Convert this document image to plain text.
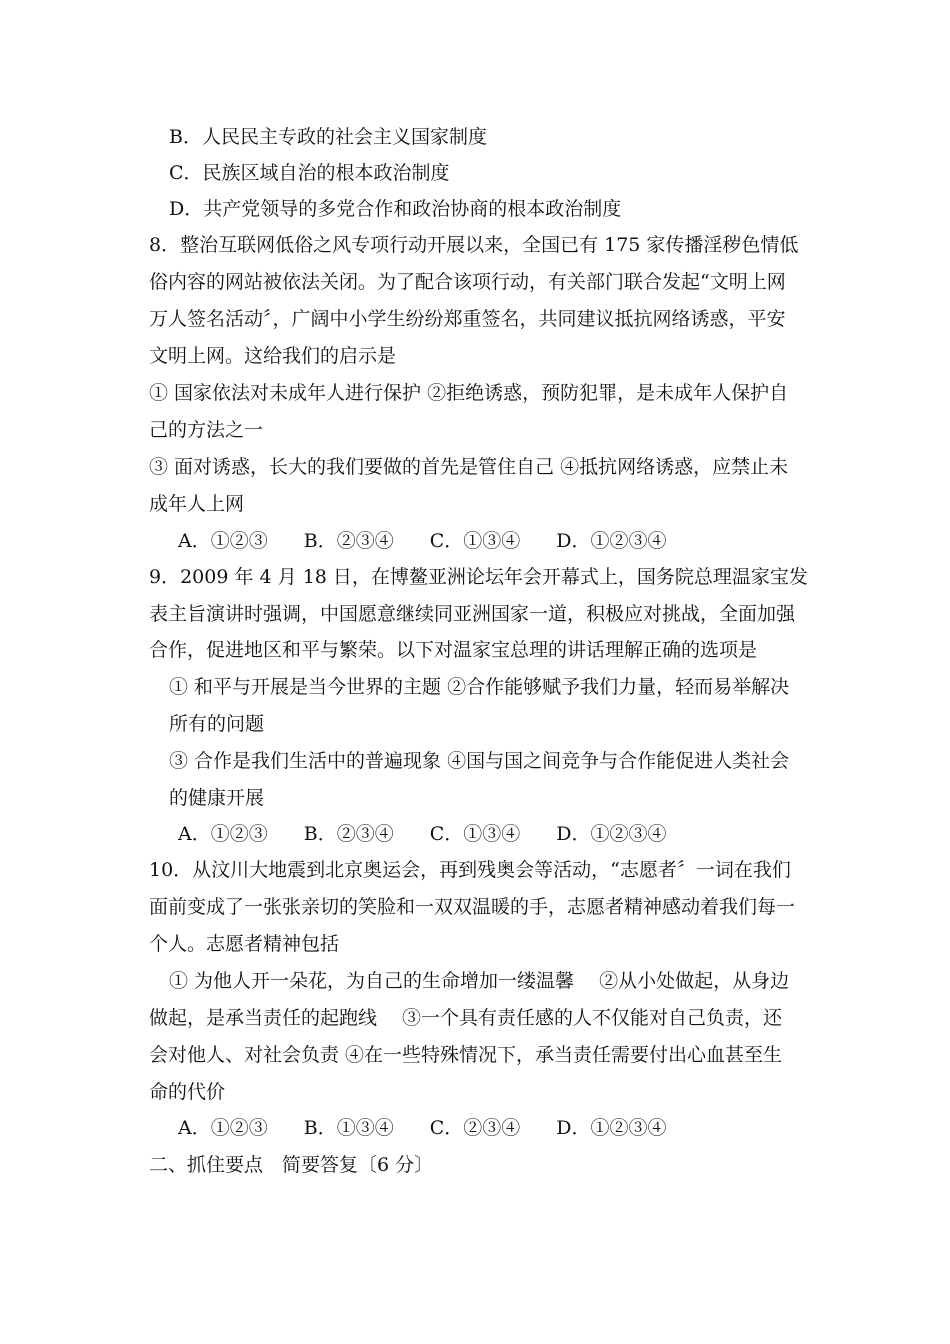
B．人民民主专政的社会主义国家制度
C．民族区域自治的根本政治制度
D．共产党领导的多党合作和政治协商的根本政治制度
8．整治互联网低俗之风专项行动开展以来，全国已有 175 家传播淫秽色情低
俗内容的网站被依法关闭。为了配合该项行动，有关部门联合发起“文明上网
万人签名活动〞，广阔中小学生纷纷郑重签名，共同建议抵抗网络诱惑，平安
文明上网。这给我们的启示是
① 国家依法对未成年人进行保护 ②拒绝诱惑，预防犯罪，是未成年人保护自
己的方法之一
③ 面对诱惑，长大的我们要做的首先是管住自己 ④抵抗网络诱惑，应禁止未
成年人上网
A．①②③ B．②③④ C．①③④ D．①②③④
9．2009 年 4 月 18 日，在博鳌亚洲论坛年会开幕式上，国务院总理温家宝发
表主旨演讲时强调，中国愿意继续同亚洲国家一道，积极应对挑战，全面加强
合作，促进地区和平与繁荣。以下对温家宝总理的讲话理解正确的选项是
① 和平与开展是当今世界的主题 ②合作能够赋予我们力量，轻而易举解决
所有的问题
③ 合作是我们生活中的普遍现象 ④国与国之间竞争与合作能促进人类社会
的健康开展
A．①②③ B．②③④ C．①③④ D．①②③④
10．从汶川大地震到北京奥运会，再到残奥会等活动，“志愿者〞一词在我们
面前变成了一张张亲切的笑脸和一双双温暖的手，志愿者精神感动着我们每一
个人。志愿者精神包括
① 为他人开一朵花，为自己的生命增加一缕温馨　 ②从小处做起，从身边
做起，是承当责任的起跑线　 ③一个具有责任感的人不仅能对自己负责，还
会对他人、对社会负责 ④在一些特殊情况下，承当责任需要付出心血甚至生
命的代价
A．①②③ B．①③④ C．②③④ D．①②③④
二、抓住要点　简要答复〔6 分〕
